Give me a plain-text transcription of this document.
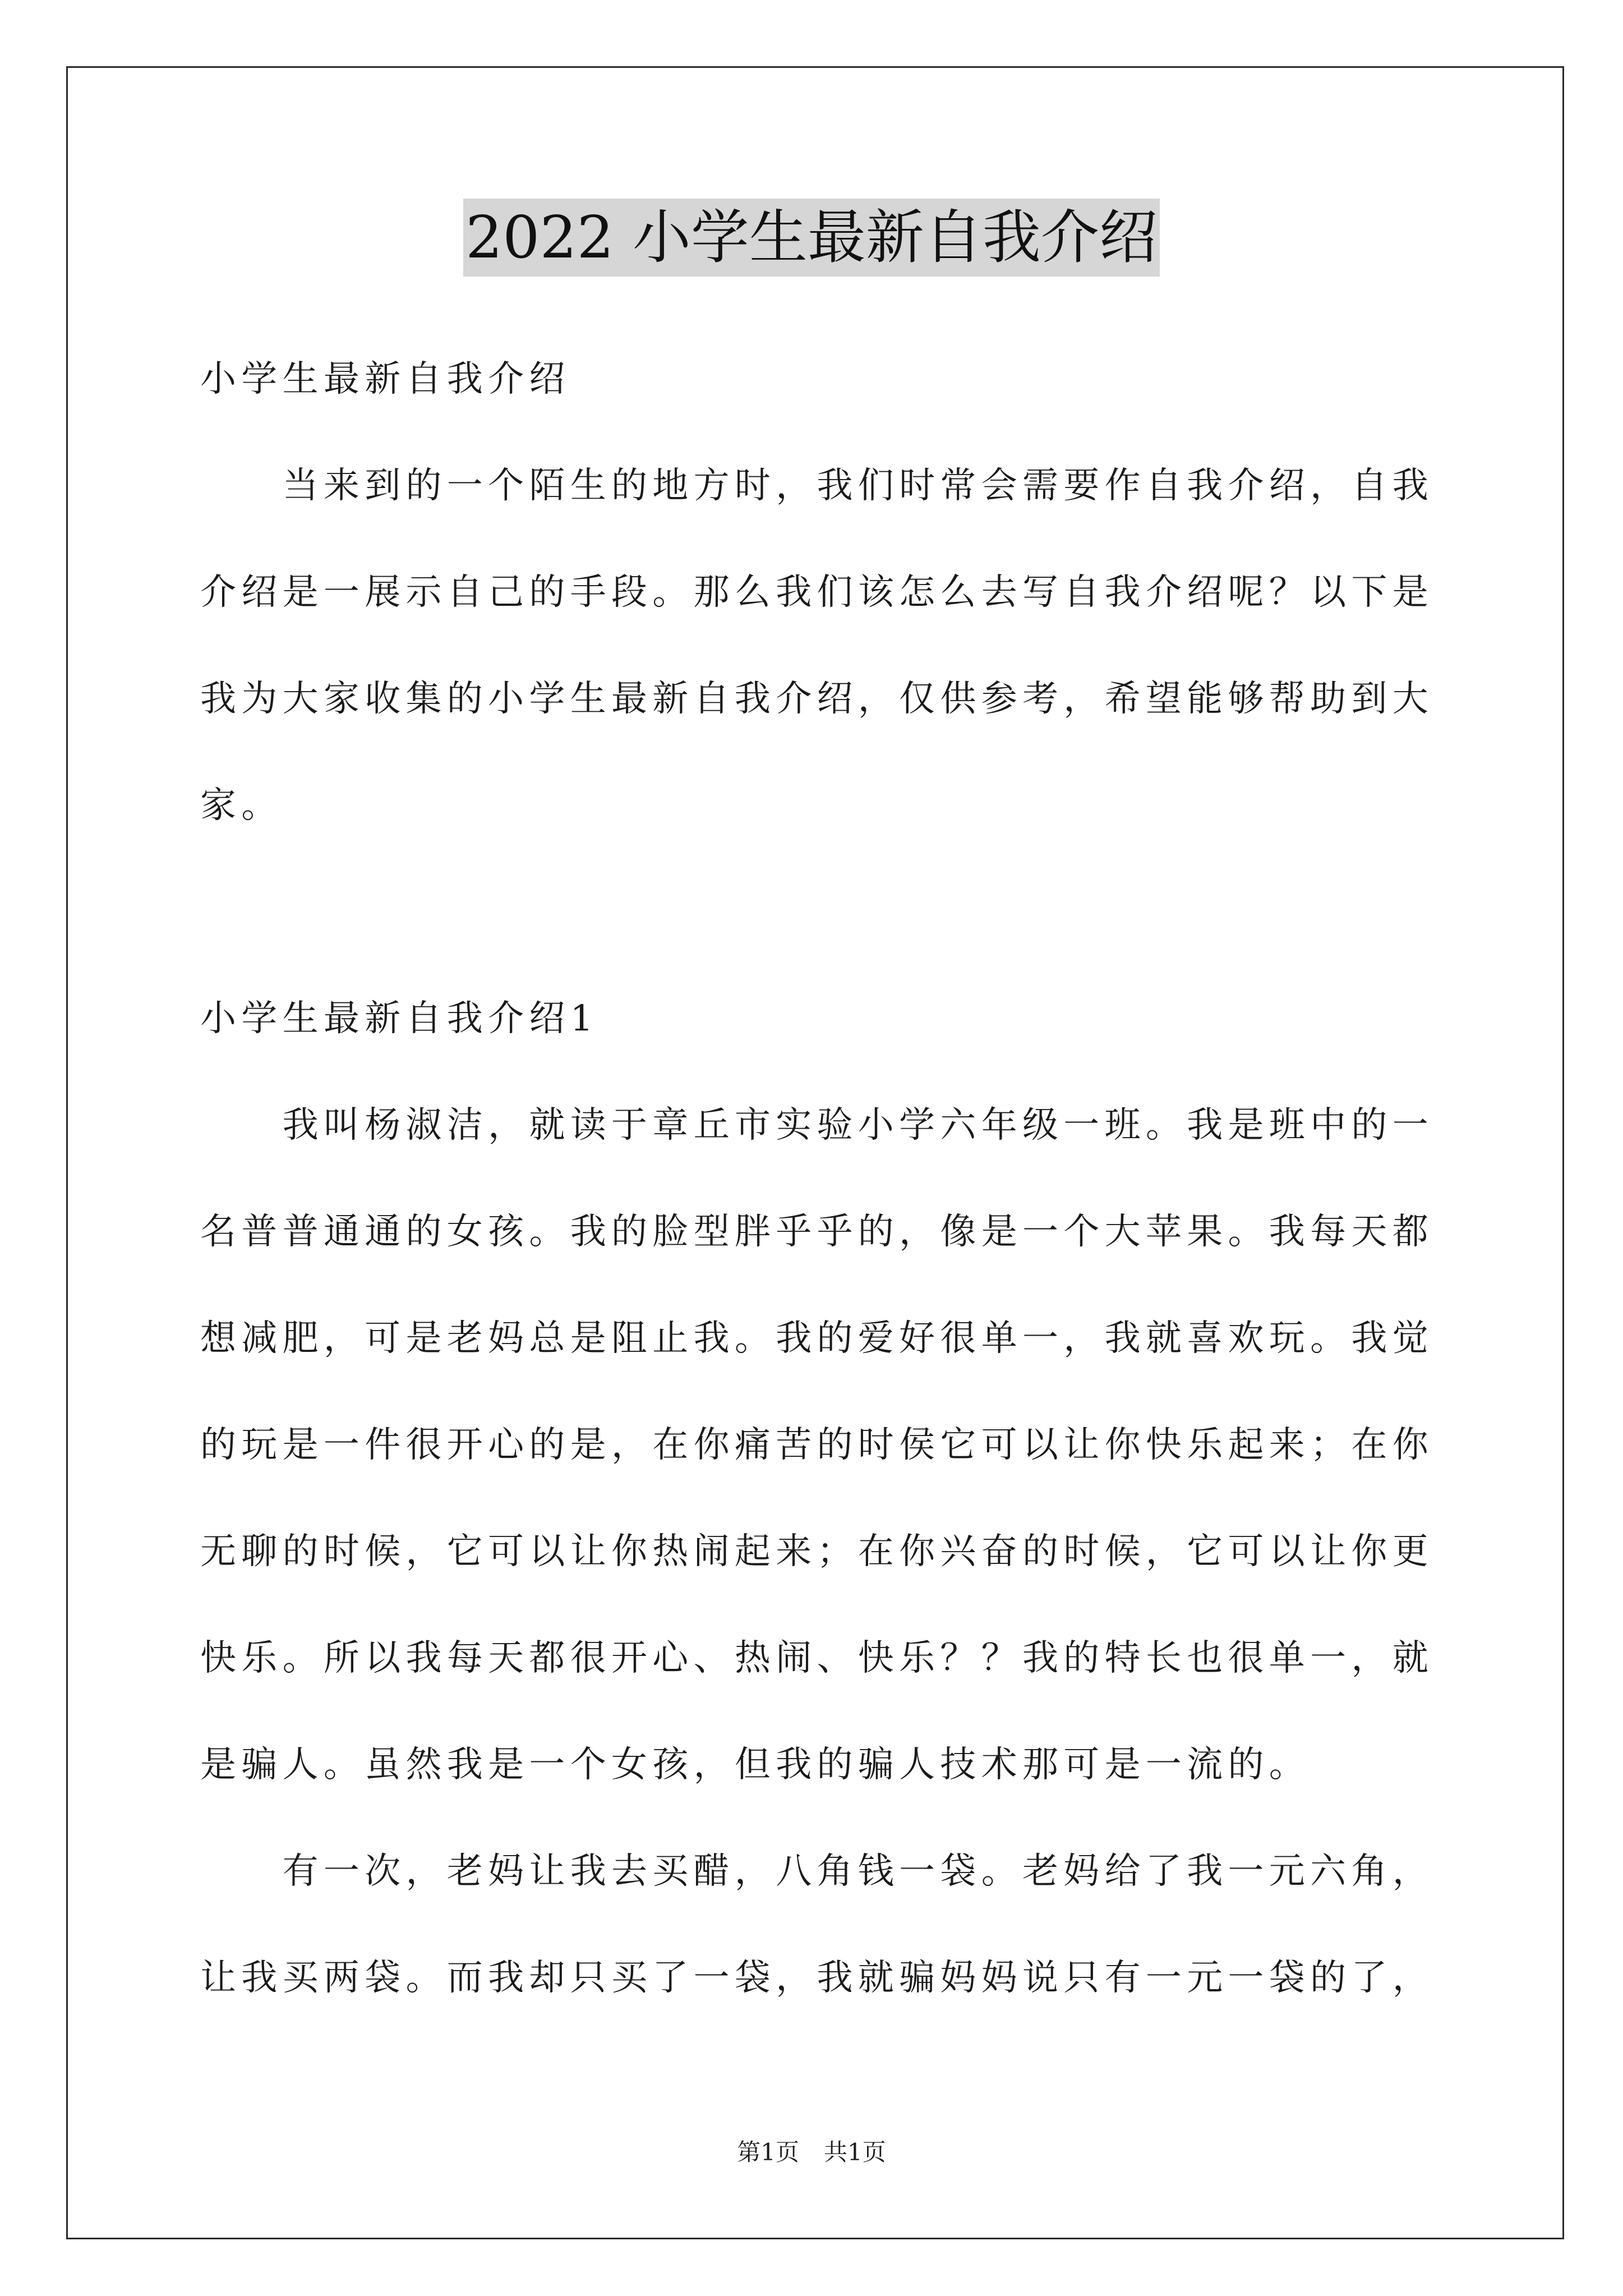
2022 小学生最新自我介绍
小学生最新自我介绍
当来到的一个陌生的地方时，我们时常会需要作自我介绍，自我
介绍是一展示自己的手段。那么我们该怎么去写自我介绍呢？以下是
我为大家收集的小学生最新自我介绍，仅供参考，希望能够帮助到大
家。
小学生最新自我介绍1
我叫杨淑洁，就读于章丘市实验小学六年级一班。我是班中的一
名普普通通的女孩。我的脸型胖乎乎的，像是一个大苹果。我每天都
想减肥，可是老妈总是阻止我。我的爱好很单一，我就喜欢玩。我觉
的玩是一件很开心的是，在你痛苦的时侯它可以让你快乐起来；在你
无聊的时候，它可以让你热闹起来；在你兴奋的时候，它可以让你更
快乐。所以我每天都很开心、热闹、快乐？？我的特长也很单一，就
是骗人。虽然我是一个女孩，但我的骗人技术那可是一流的。
有一次，老妈让我去买醋，八角钱一袋。老妈给了我一元六角，
让我买两袋。而我却只买了一袋，我就骗妈妈说只有一元一袋的了，
第1页 共1页
